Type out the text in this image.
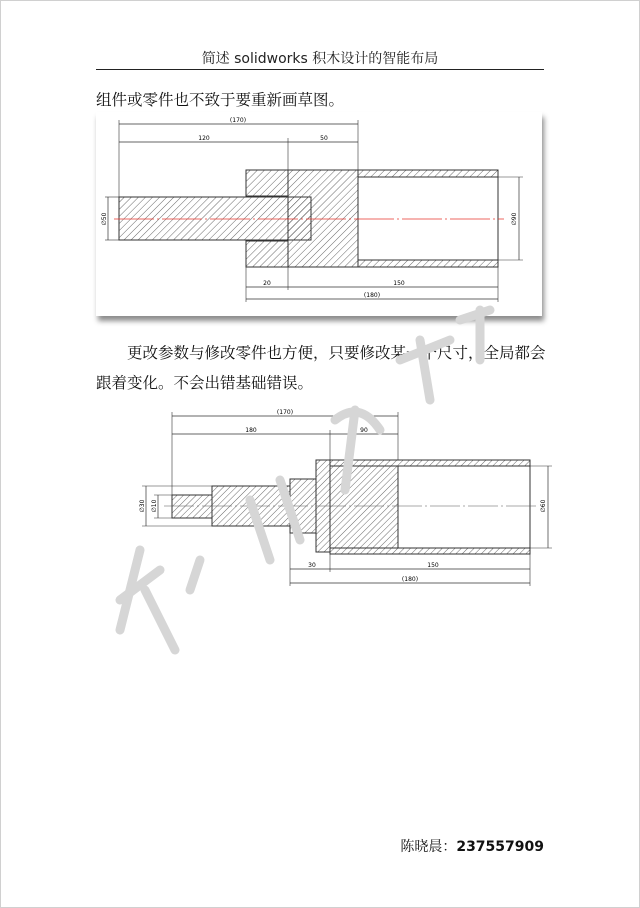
简述 solidworks 积木设计的智能布局
组件或零件也不致于要重新画草图。
(170)
120	50
∅50	∅90
20	150
(180)
更改参数与修改零件也方便，只要修改某一个尺寸，全局都会跟着变化。不会出错基础错误。
(170)
180	90
∅30 ∅10	∅60
30	150
(180)
陈晓晨：237557909
